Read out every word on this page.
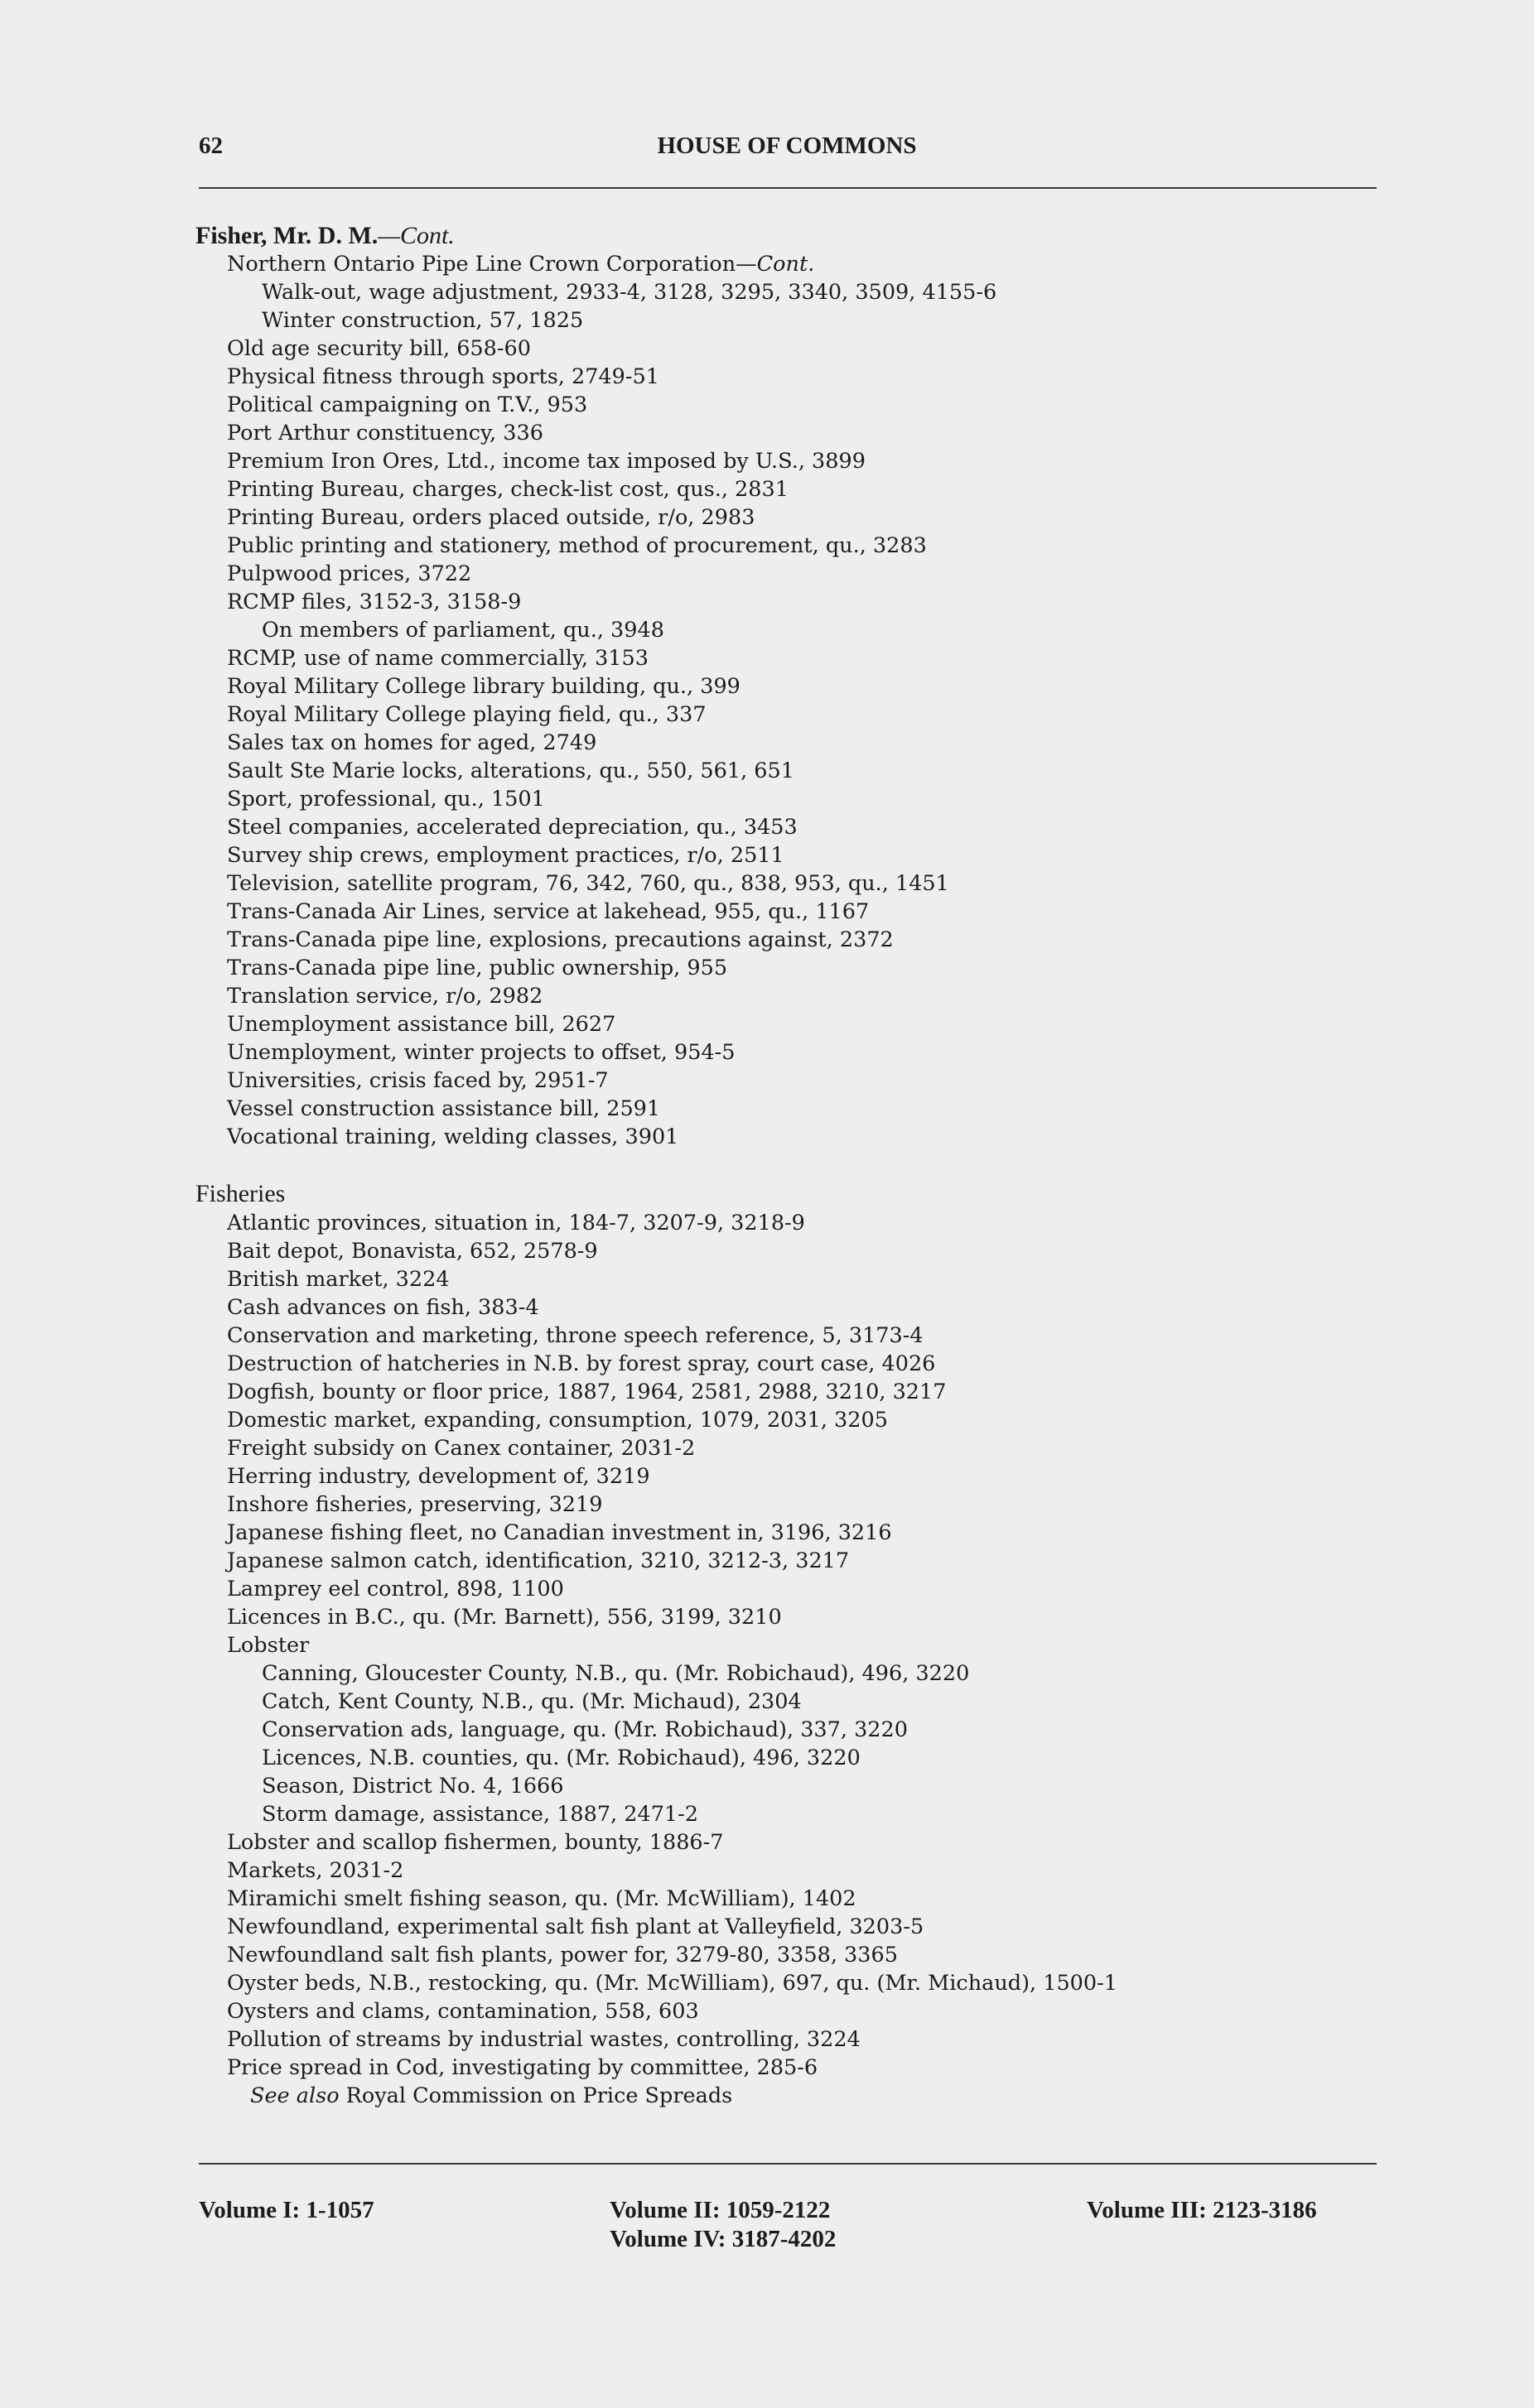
62	HOUSE OF COMMONS
Fisher, Mr. D. M.—Cont.
Northern Ontario Pipe Line Crown Corporation—Cont.
Walk-out, wage adjustment, 2933-4, 3128, 3295, 3340, 3509, 4155-6
Winter construction, 57, 1825
Old age security bill, 658-60
Physical fitness through sports, 2749-51
Political campaigning on T.V., 953
Port Arthur constituency, 336
Premium Iron Ores, Ltd., income tax imposed by U.S., 3899
Printing Bureau, charges, check-list cost, qus., 2831
Printing Bureau, orders placed outside, r/o, 2983
Public printing and stationery, method of procurement, qu., 3283
Pulpwood prices, 3722
RCMP files, 3152-3, 3158-9
On members of parliament, qu., 3948
RCMP, use of name commercially, 3153
Royal Military College library building, qu., 399
Royal Military College playing field, qu., 337
Sales tax on homes for aged, 2749
Sault Ste Marie locks, alterations, qu., 550, 561, 651
Sport, professional, qu., 1501
Steel companies, accelerated depreciation, qu., 3453
Survey ship crews, employment practices, r/o, 2511
Television, satellite program, 76, 342, 760, qu., 838, 953, qu., 1451
Trans-Canada Air Lines, service at lakehead, 955, qu., 1167
Trans-Canada pipe line, explosions, precautions against, 2372
Trans-Canada pipe line, public ownership, 955
Translation service, r/o, 2982
Unemployment assistance bill, 2627
Unemployment, winter projects to offset, 954-5
Universities, crisis faced by, 2951-7
Vessel construction assistance bill, 2591
Vocational training, welding classes, 3901
Fisheries
Atlantic provinces, situation in, 184-7, 3207-9, 3218-9
Bait depot, Bonavista, 652, 2578-9
British market, 3224
Cash advances on fish, 383-4
Conservation and marketing, throne speech reference, 5, 3173-4
Destruction of hatcheries in N.B. by forest spray, court case, 4026
Dogfish, bounty or floor price, 1887, 1964, 2581, 2988, 3210, 3217
Domestic market, expanding, consumption, 1079, 2031, 3205
Freight subsidy on Canex container, 2031-2
Herring industry, development of, 3219
Inshore fisheries, preserving, 3219
Japanese fishing fleet, no Canadian investment in, 3196, 3216
Japanese salmon catch, identification, 3210, 3212-3, 3217
Lamprey eel control, 898, 1100
Licences in B.C., qu. (Mr. Barnett), 556, 3199, 3210
Lobster
Canning, Gloucester County, N.B., qu. (Mr. Robichaud), 496, 3220
Catch, Kent County, N.B., qu. (Mr. Michaud), 2304
Conservation ads, language, qu. (Mr. Robichaud), 337, 3220
Licences, N.B. counties, qu. (Mr. Robichaud), 496, 3220
Season, District No. 4, 1666
Storm damage, assistance, 1887, 2471-2
Lobster and scallop fishermen, bounty, 1886-7
Markets, 2031-2
Miramichi smelt fishing season, qu. (Mr. McWilliam), 1402
Newfoundland, experimental salt fish plant at Valleyfield, 3203-5
Newfoundland salt fish plants, power for, 3279-80, 3358, 3365
Oyster beds, N.B., restocking, qu. (Mr. McWilliam), 697, qu. (Mr. Michaud), 1500-1
Oysters and clams, contamination, 558, 603
Pollution of streams by industrial wastes, controlling, 3224
Price spread in Cod, investigating by committee, 285-6
See also Royal Commission on Price Spreads
Volume I: 1-1057	Volume II: 1059-2122
Volume IV: 3187-4202
Volume III: 2123-3186
